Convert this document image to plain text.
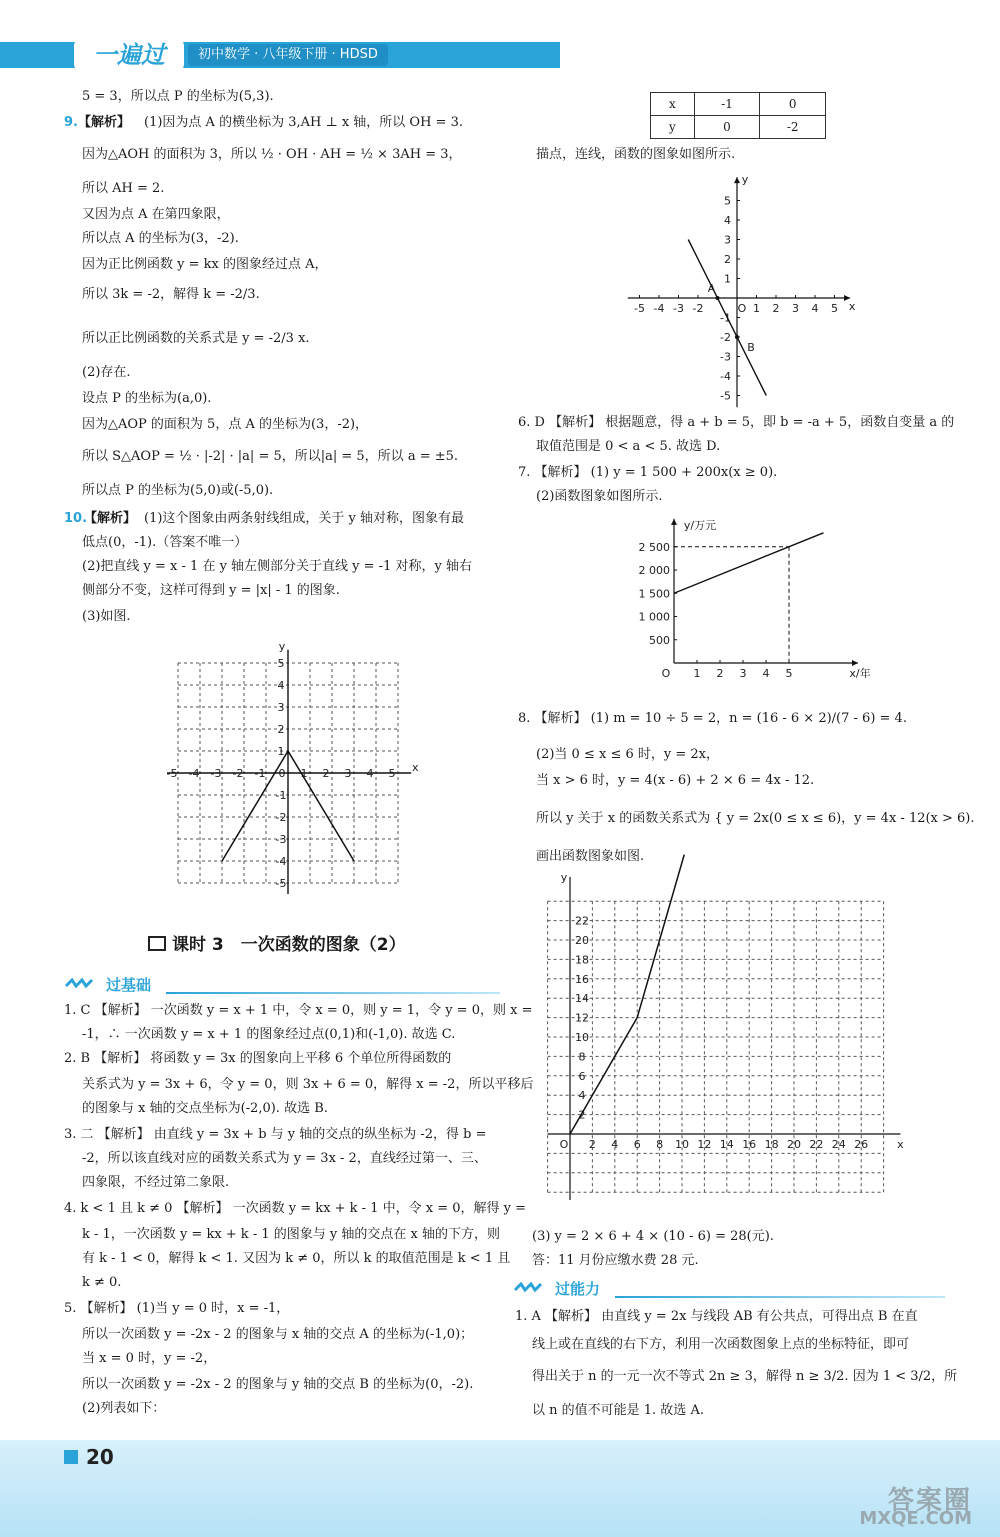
一遍过	初中数学 · 八年级下册 · HDSD
5 = 3，所以点 P 的坐标为(5,3).
(1)因为点 A 的横坐标为 3,AH ⊥ x 轴，所以 OH = 3.
因为△AOH 的面积为 3，所以 ½ · OH · AH = ½ × 3AH = 3，
所以 AH = 2.
又因为点 A 在第四象限，
所以点 A 的坐标为(3，-2).
因为正比例函数 y = kx 的图象经过点 A，
所以 3k = -2，解得 k = -2/3.
所以正比例函数的关系式是 y = -2/3 x.
(2)存在.
设点 P 的坐标为(a,0).
因为△AOP 的面积为 5，点 A 的坐标为(3，-2)，
所以 S△AOP = ½ · |-2| · |a| = 5，所以|a| = 5，所以 a = ±5.
所以点 P 的坐标为(5,0)或(-5,0).
(1)这个图象由两条射线组成，关于 y 轴对称，图象有最
低点(0，-1).（答案不唯一）
(2)把直线 y = x - 1 在 y 轴左侧部分关于直线 y = -1 对称，y 轴右
侧部分不变，这样可得到 y = |x| - 1 的图象.
(3)如图.
9. 【解析】
10.
【解析】
课时 3　一次函数的图象（2）
过基础
1. C 【解析】 一次函数 y = x + 1 中，令 x = 0，则 y = 1，令 y = 0，则 x =
-1，∴ 一次函数 y = x + 1 的图象经过点(0,1)和(-1,0). 故选 C.
2. B 【解析】 将函数 y = 3x 的图象向上平移 6 个单位所得函数的
关系式为 y = 3x + 6，令 y = 0，则 3x + 6 = 0，解得 x = -2，所以平移后
的图象与 x 轴的交点坐标为(-2,0). 故选 B.
3. 二 【解析】 由直线 y = 3x + b 与 y 轴的交点的纵坐标为 -2，得 b =
-2，所以该直线对应的函数关系式为 y = 3x - 2，直线经过第一、三、
四象限，不经过第二象限.
4. k < 1 且 k ≠ 0 【解析】 一次函数 y = kx + k - 1 中，令 x = 0，解得 y =
k - 1，一次函数 y = kx + k - 1 的图象与 y 轴的交点在 x 轴的下方，则
有 k - 1 < 0，解得 k < 1. 又因为 k ≠ 0，所以 k 的取值范围是 k < 1 且
k ≠ 0.
5. 【解析】 (1)当 y = 0 时，x = -1，
所以一次函数 y = -2x - 2 的图象与 x 轴的交点 A 的坐标为(-1,0)；
当 x = 0 时，y = -2，
所以一次函数 y = -2x - 2 的图象与 y 轴的交点 B 的坐标为(0，-2).
(2)列表如下：
x	-1	0
y	0	-2
描点，连线，函数的图象如图所示.
6. D 【解析】 根据题意，得 a + b = 5，即 b = -a + 5，函数自变量 a 的
取值范围是 0 < a < 5. 故选 D.
7. 【解析】 (1) y = 1 500 + 200x(x ≥ 0).
(2)函数图象如图所示.
8. 【解析】 (1) m = 10 ÷ 5 = 2，n = (16 - 6 × 2)/(7 - 6) = 4.
(2)当 0 ≤ x ≤ 6 时，y = 2x，
当 x > 6 时，y = 4(x - 6) + 2 × 6 = 4x - 12.
所以 y 关于 x 的函数关系式为 { y = 2x(0 ≤ x ≤ 6)，y = 4x - 12(x > 6).
画出函数图象如图.
(3) y = 2 × 6 + 4 × (10 - 6) = 28(元).
答：11 月份应缴水费 28 元.
1. A 【解析】 由直线 y = 2x 与线段 AB 有公共点，可得出点 B 在直
线上或在直线的右下方，利用一次函数图象上点的坐标特征，即可
得出关于 n 的一元一次不等式 2n ≥ 3，解得 n ≥ 3/2. 因为 1 < 3/2，所
以 n 的值不可能是 1. 故选 A.
过能力
-5 -4 -3 -2 -1 0 1 2 3 4 5
5
4
3
2
1
-1
-2
-3
-4
-5
x
y
-5 -4 -3 -2	1 2 3 4 5
5
4
3
2
1
-1
-2
-3
-4
-5
x
y
O
A
B
1 2 3 4 5
2 500
2 000
1 500
1 000
500
x/年
y/万元
O
2 4 6 8 10 12 14 16 18 20 22 24 26
22
20
18
16
14
12
10
8
6
4
2
x
y
O
20
答案圈
MXQE.COM
